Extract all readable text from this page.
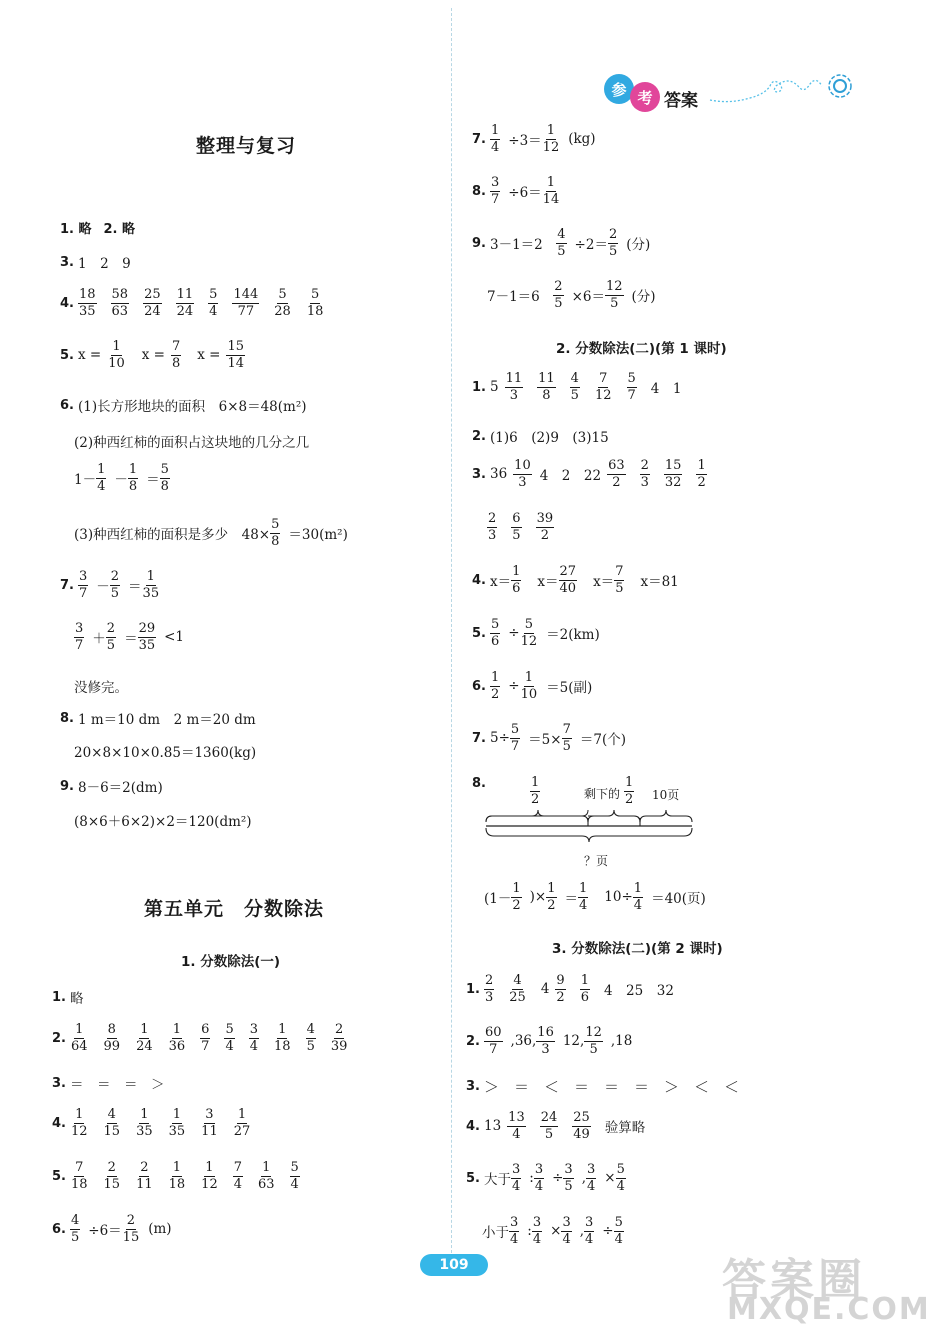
参 考 答案
整理与复习
1. 略 2. 略
3. 1　2　9
4. $\frac{18}{35} \frac{58}{63} \frac{25}{24} \frac{11}{24} \frac{5}{4} \frac{144}{77} \frac{5}{28} \frac{5}{18}$
5. $x = \frac{1}{10}$ $x = \frac{7}{8}$ $x = \frac{15}{14}$
6. (1)长方形地块的面积　6×8＝48(m²)
(2)种西红柿的面积占这块地的几分之几
$1- \frac{1}{4} - \frac{1}{8} = \frac{5}{8}$
(3)种西红柿的面积是多少　$48\times \frac{5}{8} =30(m^2)$
7. $\frac{3}{7} - \frac{2}{5} = \frac{1}{35}$
$\frac{3}{7} + \frac{2}{5} = \frac{29}{35} <1$
没修完。
8. 1 m＝10 dm　2 m＝20 dm
20×8×10×0.85＝1360(kg)
9. 8－6＝2(dm)
(8×6＋6×2)×2＝120(dm²)
第五单元　分数除法
1. 分数除法(一)
1. 略
2. $\frac{1}{64} \frac{8}{99} \frac{1}{24} \frac{1}{36} \frac{6}{7} \frac{5}{4} \frac{3}{4} \frac{1}{18} \frac{4}{5} \frac{2}{39}$
3. ＝　＝　＝　＞
4. $\frac{1}{12} \frac{4}{15} \frac{1}{35} \frac{1}{35} \frac{3}{11} \frac{1}{27}$
5. $\frac{7}{18} \frac{2}{15} \frac{2}{11} \frac{1}{18} \frac{1}{12} \frac{7}{4} \frac{1}{63} \frac{5}{4}$
6. $\frac{4}{5} \div 6= \frac{2}{15} (m)$
7. $\frac{1}{4} \div 3= \frac{1}{12} (kg)$
8. $\frac{3}{7} \div 6= \frac{1}{14}$
9. 3－1＝2　 $\frac{4}{5} \div 2= \frac{2}{5}$ (分)
7－1＝6　 $\frac{2}{5} \times 6= \frac{12}{5}$ (分)
2. 分数除法(二)(第 1 课时)
1. $5 \frac{11}{3} \frac{11}{8} \frac{4}{5} \frac{7}{12} \frac{5}{7} 4$　1
2. (1)6　(2)9　(3)15
3. $36 \frac{10}{3} 4$　2　$22 \frac{63}{2} \frac{2}{3} \frac{15}{32} \frac{1}{2}$
$\frac{2}{3} \frac{6}{5} \frac{39}{2}$
4. $x= \frac{1}{6} x= \frac{27}{40} x= \frac{7}{5} x=81$
5. $\frac{5}{6} \div \frac{5}{12} =2(km)$
6. $\frac{1}{2} \div \frac{1}{10} =5$(副)
7. $5\div \frac{5}{7} =5\times \frac{7}{5} =7$(个)
8.	$\frac{1}{2}$	剩下的 $\frac{1}{2} 10$页
？页
($1- \frac{1}{2}$ )× $\frac{1}{2} = \frac{1}{4} 10\div \frac{1}{4} =40$(页)
3. 分数除法(二)(第 2 课时)
1. $\frac{2}{3} \frac{4}{25} 4 \frac{9}{2} \frac{1}{6} 4$　25　32
2. $\frac{60}{7} ,36$, $\frac{16}{3} 12$, $\frac{12}{5} ,18$
3. ＞　＝　＜　＝　＝　＝　＞　＜　＜
4. $13 \frac{13}{4} \frac{24}{5} \frac{25}{49}$ 验算略
5. 大于 $\frac{3}{4}$ : $\frac{3}{4} \div \frac{3}{5}$ , $\frac{3}{4} \times \frac{5}{4}$
小于 $\frac{3}{4}$ : $\frac{3}{4} \times \frac{3}{4}$ , $\frac{3}{4} \div \frac{5}{4}$
109	答案圈
MXQE.COM
